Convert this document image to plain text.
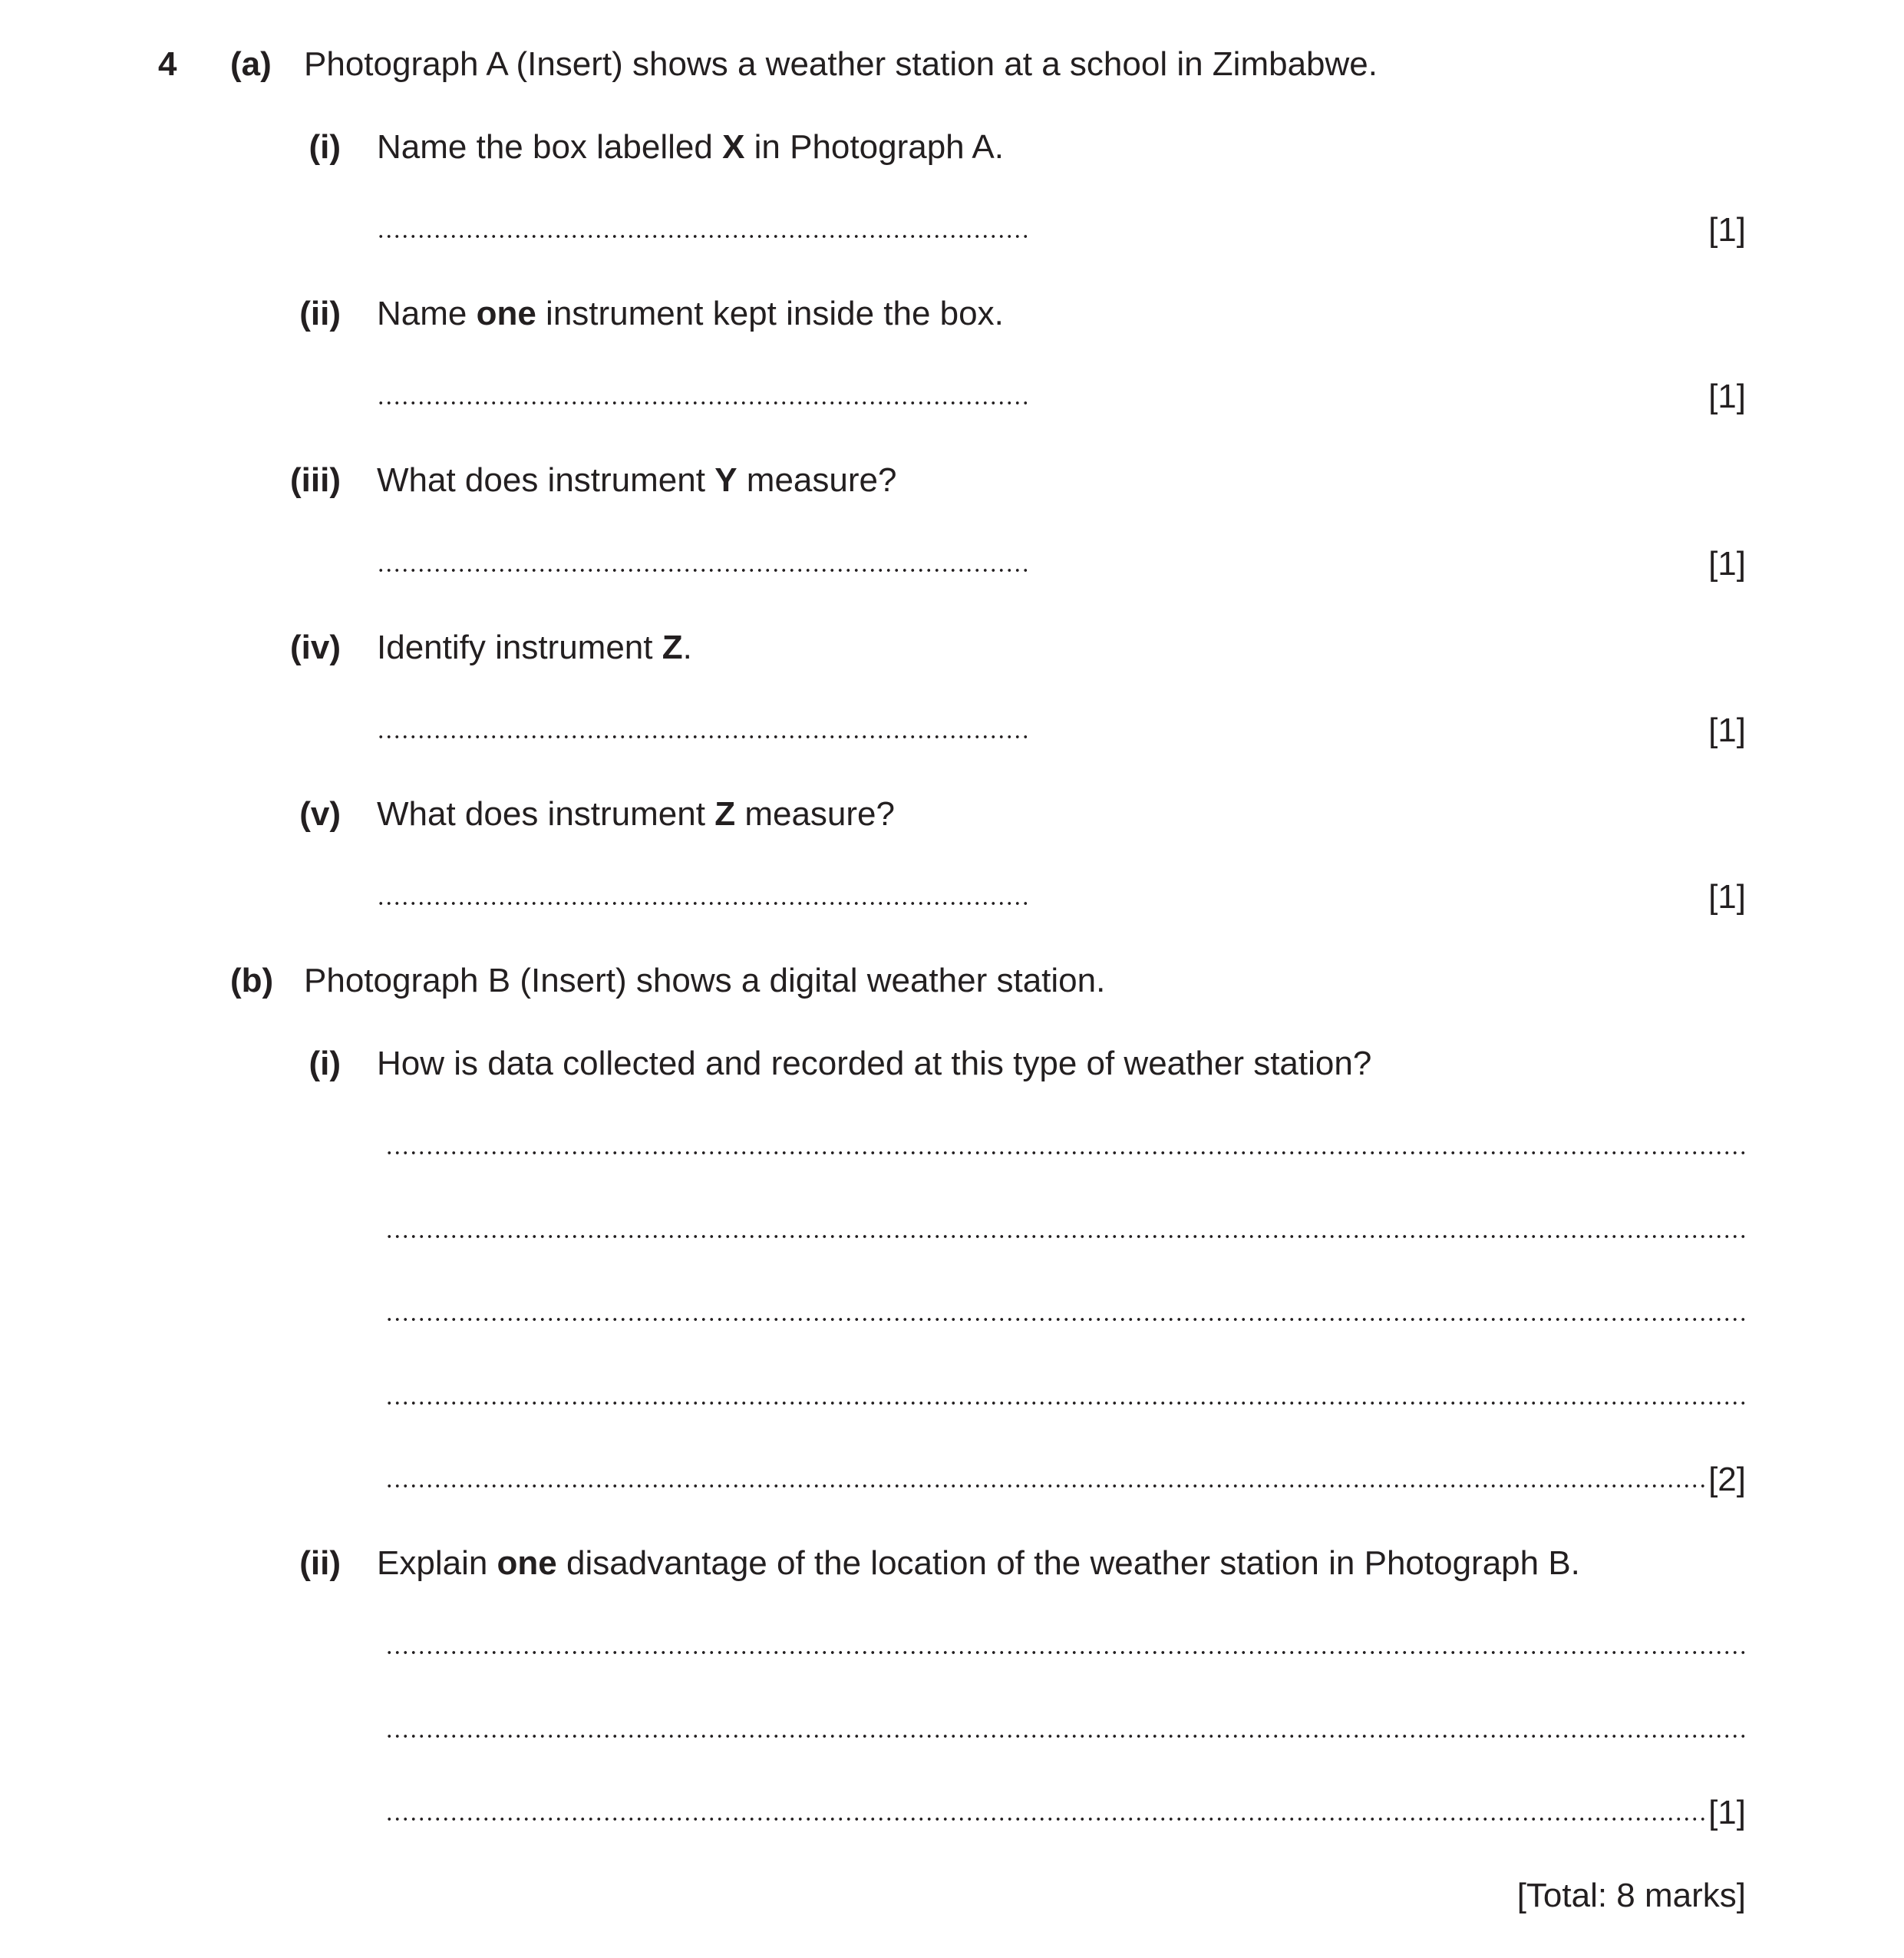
4 (a) Photograph A (Insert) shows a weather station at a school in Zimbabwe.
(i) Name the box labelled X in Photograph A.
[1]
(ii) Name one instrument kept inside the box.
[1]
(iii) What does instrument Y measure?
[1]
(iv) Identify instrument Z.
[1]
(v) What does instrument Z measure?
[1]
(b) Photograph B (Insert) shows a digital weather station.
(i) How is data collected and recorded at this type of weather station?
[2]
(ii) Explain one disadvantage of the location of the weather station in Photograph B.
[1]
[Total: 8 marks]
